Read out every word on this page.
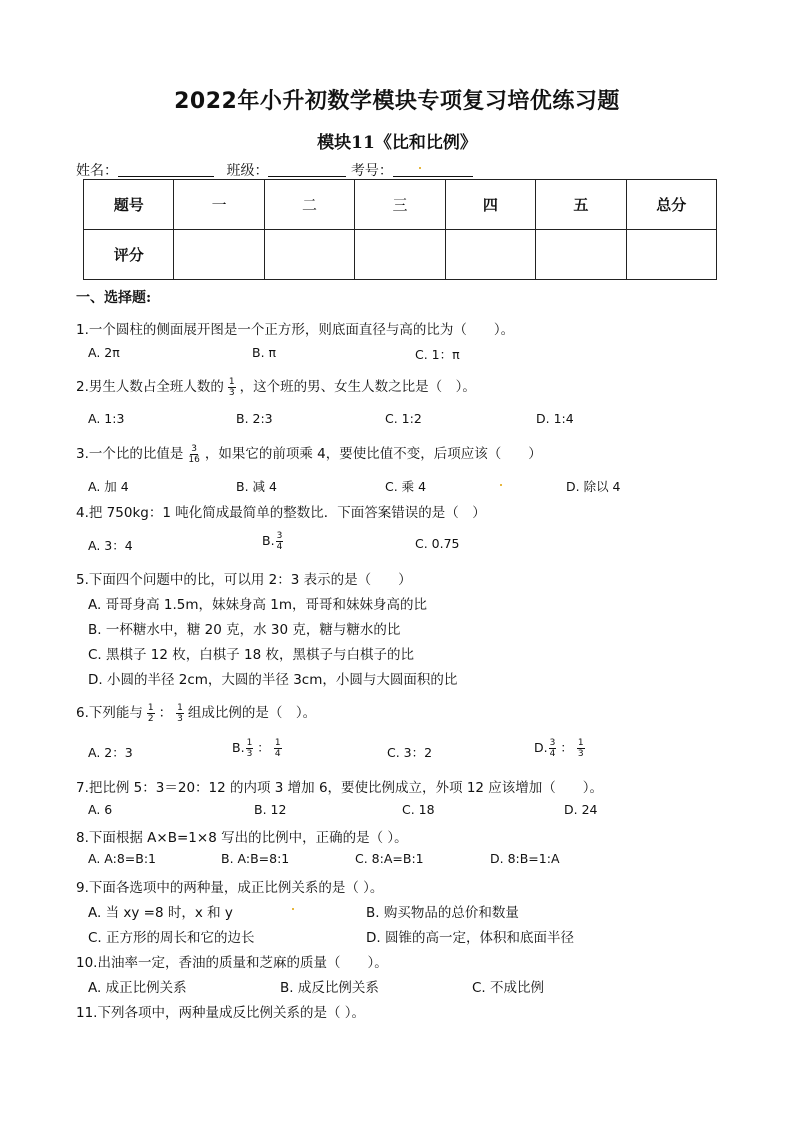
2022年小升初数学模块专项复习培优练习题
模块11《比和比例》
姓名：	班级：	考号：
题号	一	二	三	四	五	总分
评分						
一、选择题:
1.一个圆柱的侧面展开图是一个正方形，则底面直径与高的比为（　　）。
A. 2π	B. π	C. 1：π
2.男生人数占全班人数的 $\frac{1}{3}$ ，这个班的男、女生人数之比是（　）。
A. 1:3	B. 2:3	C. 1:2	D. 1:4
3.一个比的比值是 $\frac{3}{16}$ ，如果它的前项乘 4，要使比值不变，后项应该（　　）
A. 加 4	B. 减 4	C. 乘 4	D. 除以 4
4.把 750kg：1 吨化简成最简单的整数比．下面答案错误的是（　）
A. 3：4	B. $\frac{3}{4}$	C. 0.75
5.下面四个问题中的比，可以用 2：3 表示的是（　　）
A. 哥哥身高 1.5m，妹妹身高 1m，哥哥和妹妹身高的比
B. 一杯糖水中，糖 20 克，水 30 克，糖与糖水的比
C. 黑棋子 12 枚，白棋子 18 枚，黑棋子与白棋子的比
D. 小圆的半径 2cm，大圆的半径 3cm，小圆与大圆面积的比
6.下列能与 $\frac{1}{2}$ ： $\frac{1}{3}$ 组成比例的是（　）。
A. 2：3	B. $\frac{1}{3}$ ： $\frac{1}{4}$	C. 3：2	D. $\frac{3}{4}$ ： $\frac{1}{3}$
7.把比例 5：3＝20：12 的内项 3 增加 6，要使比例成立，外项 12 应该增加（　　）。
A. 6	B. 12	C. 18	D. 24
8.下面根据 A×B=1×8 写出的比例中，正确的是（ ）。
A. A:8=B:1	B. A:B=8:1	C. 8:A=B:1	D. 8:B=1:A
9.下面各选项中的两种量，成正比例关系的是（ ）。
A. 当 xy =8 时，x 和 y	B. 购买物品的总价和数量
C. 正方形的周长和它的边长	D. 圆锥的高一定，体积和底面半径
10.出油率一定，香油的质量和芝麻的质量（　　）。
A. 成正比例关系	B. 成反比例关系	C. 不成比例
11.下列各项中，两种量成反比例关系的是（ ）。
